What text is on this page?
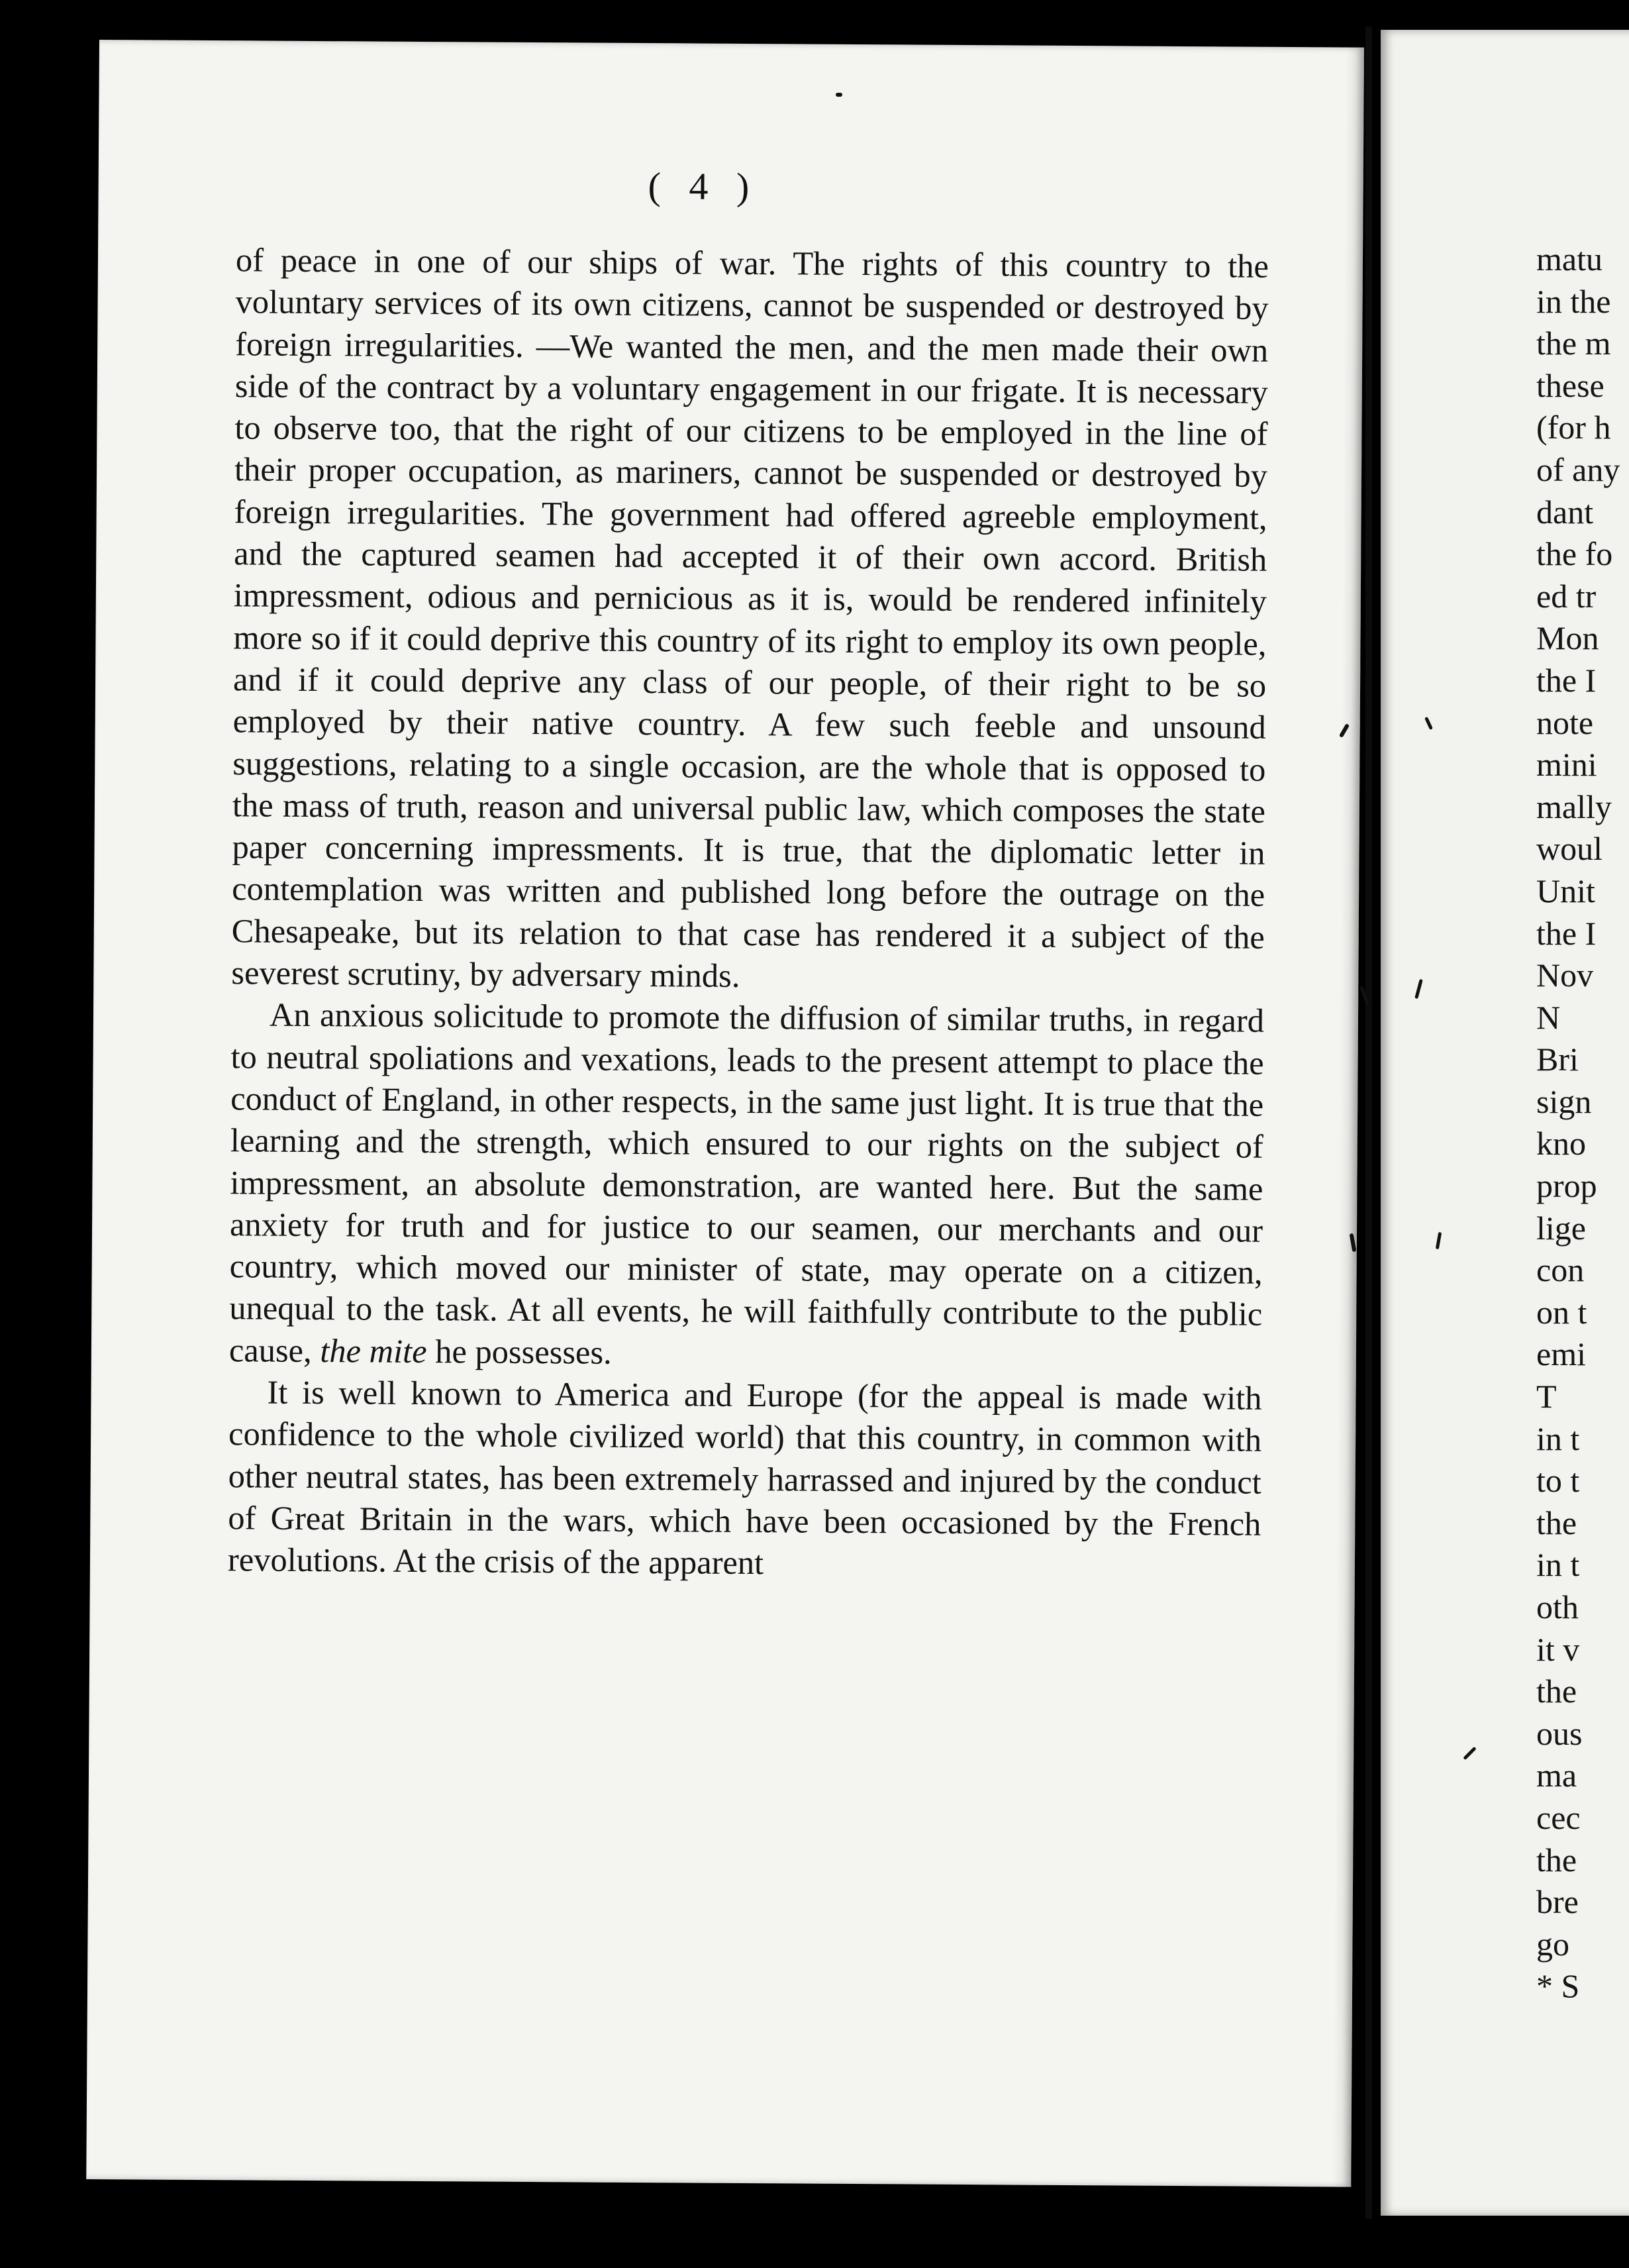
( 4 )

of peace in one of our ships of war. The rights of this country to the voluntary services of its own citizens, cannot be suspended or destroyed by foreign irregularities. —We wanted the men, and the men made their own side of the contract by a voluntary engagement in our frigate. It is necessary to observe too, that the right of our citizens to be employed in the line of their proper occupation, as mariners, cannot be suspended or destroyed by foreign irregularities. The government had offered agreeble employment, and the captured seamen had accepted it of their own accord. British impressment, odious and pernicious as it is, would be rendered infinitely more so if it could deprive this country of its right to employ its own people, and if it could deprive any class of our people, of their right to be so employed by their native country. A few such feeble and unsound suggestions, relating to a single occasion, are the whole that is opposed to the mass of truth, reason and universal public law, which composes the state paper concerning impressments. It is true, that the diplomatic letter in contemplation was written and published long before the outrage on the Chesapeake, but its relation to that case has rendered it a subject of the severest scrutiny, by adversary minds.

An anxious solicitude to promote the diffusion of similar truths, in regard to neutral spoliations and vexations, leads to the present attempt to place the conduct of England, in other respects, in the same just light. It is true that the learning and the strength, which ensured to our rights on the subject of impressment, an absolute demonstration, are wanted here. But the same anxiety for truth and for justice to our seamen, our merchants and our country, which moved our minister of state, may operate on a citizen, unequal to the task. At all events, he will faithfully contribute to the public cause, the mite he possesses.

It is well known to America and Europe (for the appeal is made with confidence to the whole civilized world) that this country, in common with other neutral states, has been extremely harrassed and injured by the conduct of Great Britain in the wars, which have been occasioned by the French revolutions. At the crisis of the apparent

matu
in the
the m
these
(for h
of any
dant
the fo
ed tr
Mon
the I
note
mini
mally
woul
Unit
the I
Nov
N
Bri
sign
kno
prop
lige
con
on t
emi
T
in t
to t
the
in t
oth
it v
the
ous
ma
cec
the
bre
go
* S
